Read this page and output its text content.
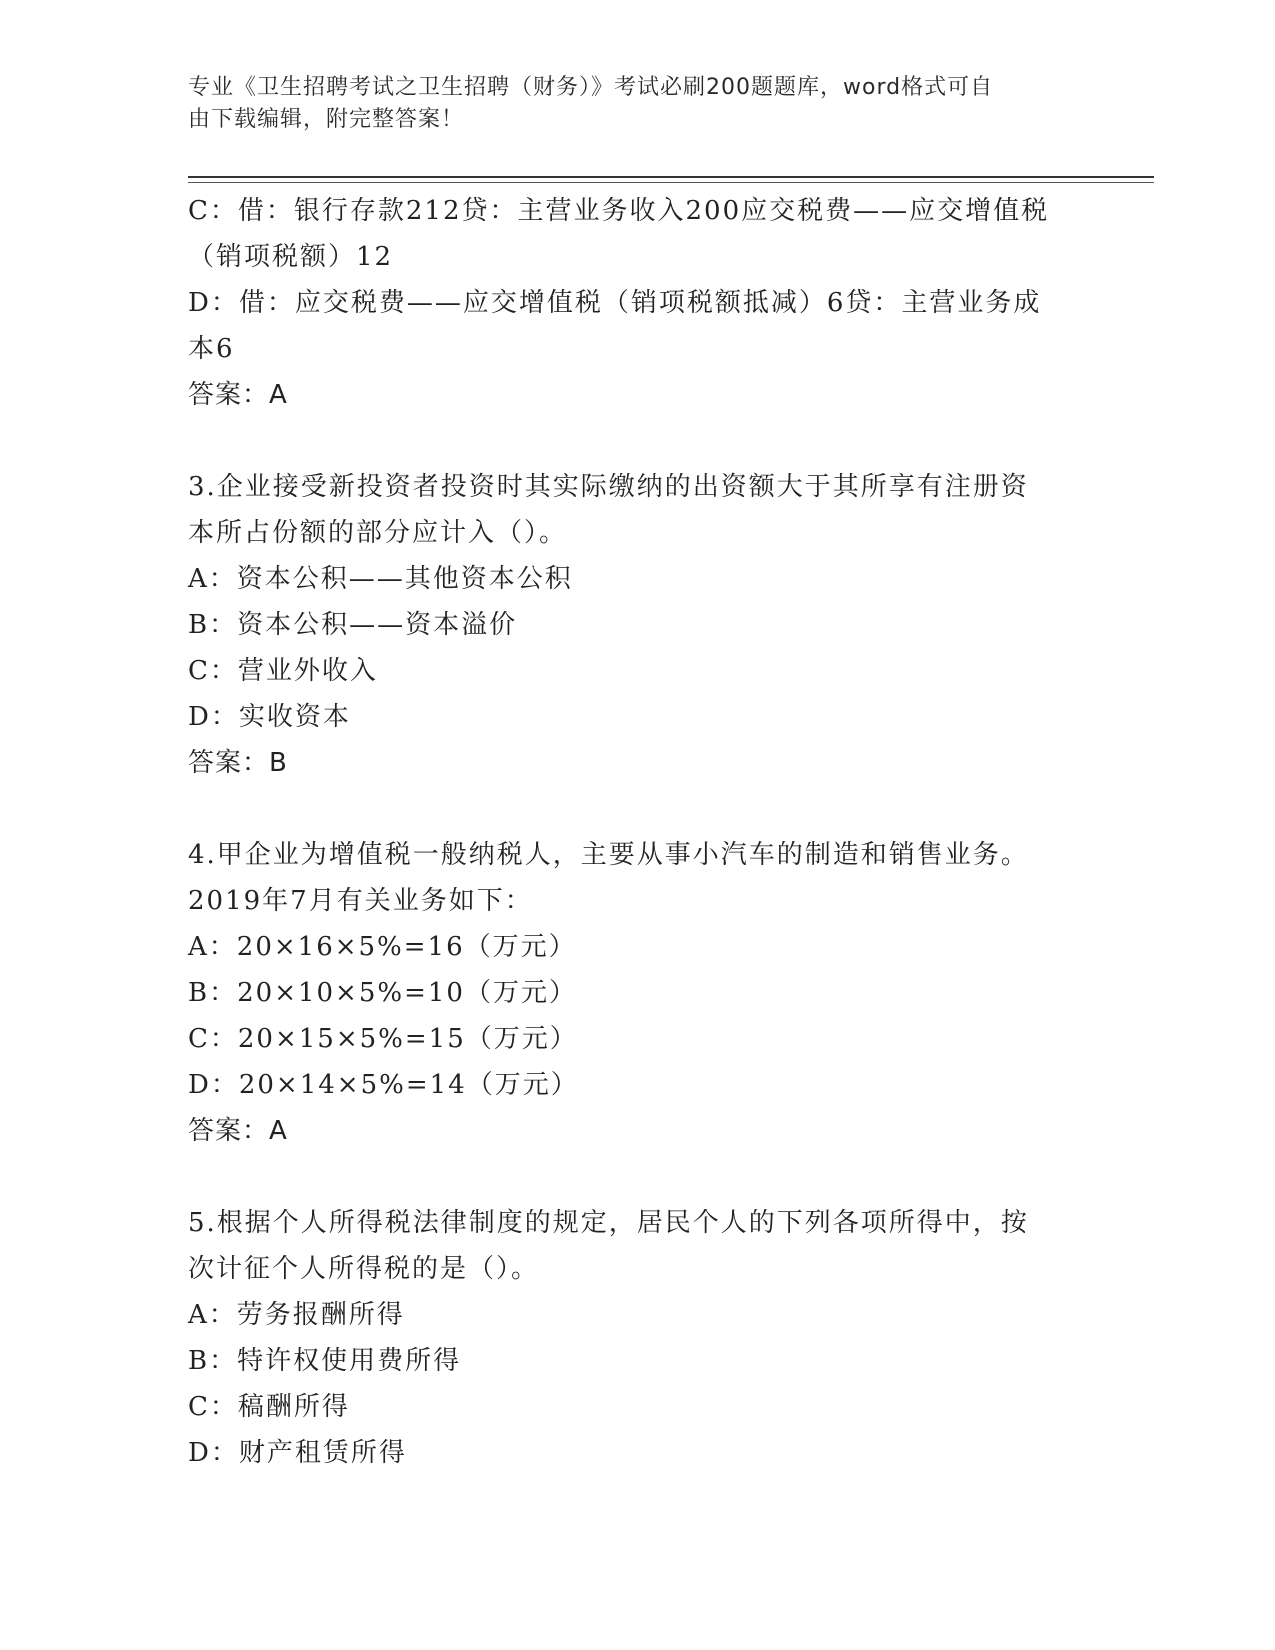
专业《卫生招聘考试之卫生招聘（财务）》考试必刷200题题库，word格式可自
由下载编辑，附完整答案！
C：借：银行存款212贷：主营业务收入200应交税费——应交增值税
（销项税额）12
D：借：应交税费——应交增值税（销项税额抵减）6贷：主营业务成
本6
答案：A
3.企业接受新投资者投资时其实际缴纳的出资额大于其所享有注册资
本所占份额的部分应计入（）。
A：资本公积——其他资本公积
B：资本公积——资本溢价
C：营业外收入
D：实收资本
答案：B
4.甲企业为增值税一般纳税人，主要从事小汽车的制造和销售业务。
2019年7月有关业务如下：
A：20×16×5%=16（万元）
B：20×10×5%=10（万元）
C：20×15×5%=15（万元）
D：20×14×5%=14（万元）
答案：A
5.根据个人所得税法律制度的规定，居民个人的下列各项所得中，按
次计征个人所得税的是（）。
A：劳务报酬所得
B：特许权使用费所得
C：稿酬所得
D：财产租赁所得
